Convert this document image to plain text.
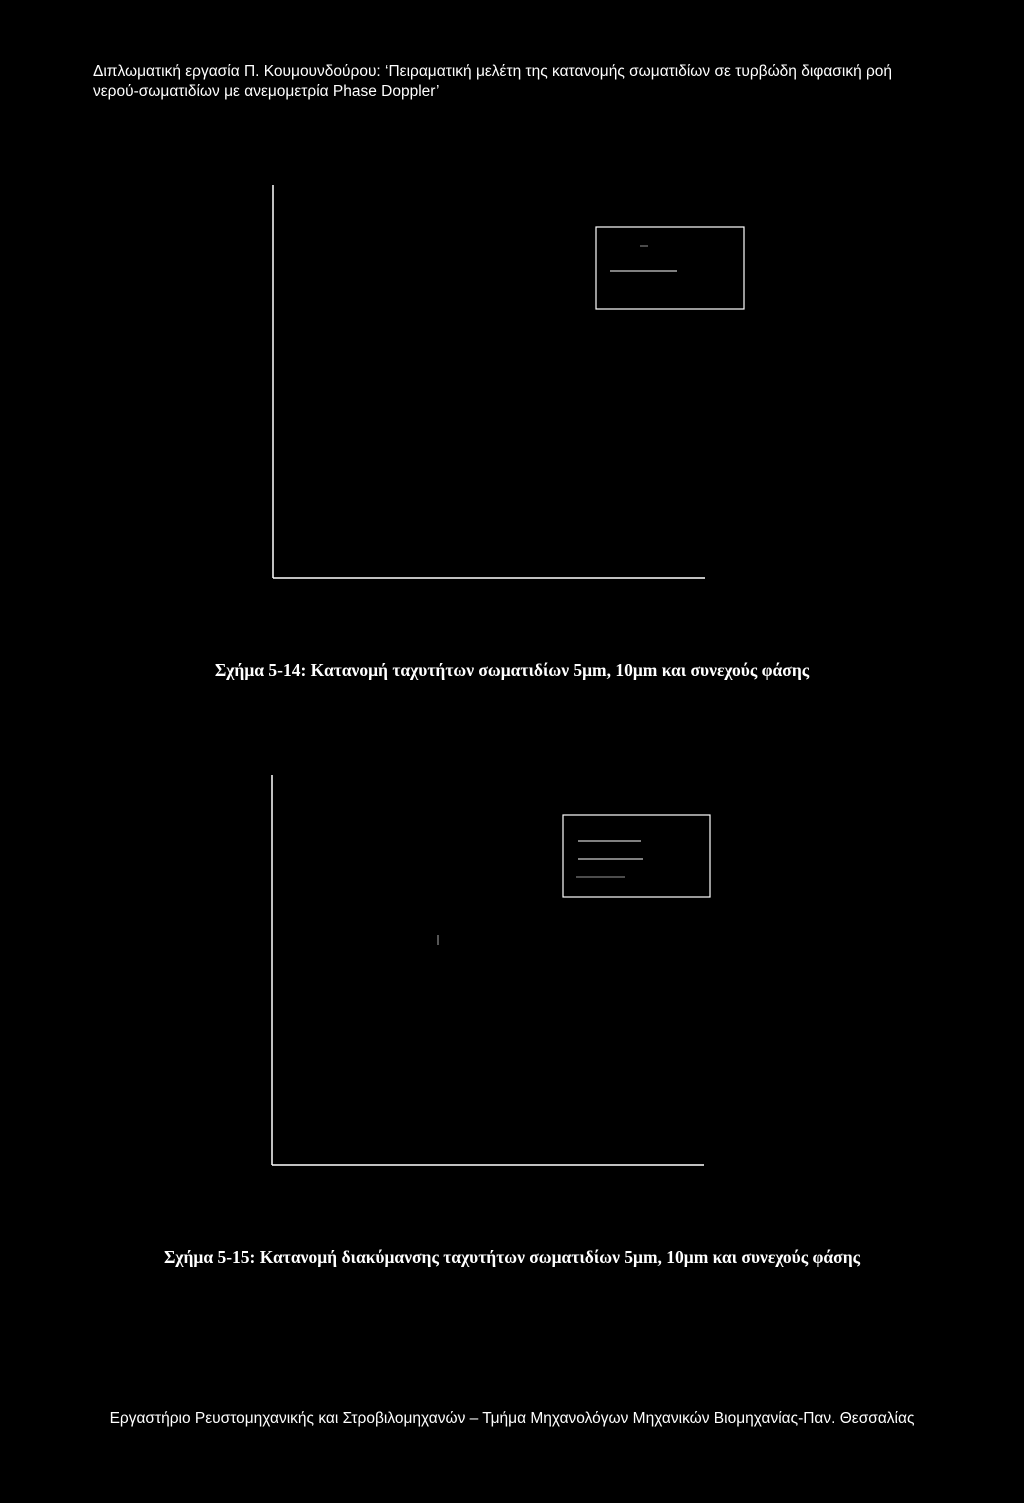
Διπλωματική εργασία Π. Κουμουνδούρου: ‘Πειραματική μελέτη της κατανομής σωματιδίων σε τυρβώδη διφασική ροή
νερού-σωματιδίων με ανεμομετρία Phase Doppler’
Σχήμα 5-14: Κατανομή ταχυτήτων σωματιδίων 5μm, 10μm και συνεχούς φάσης
Σχήμα 5-15: Κατανομή διακύμανσης ταχυτήτων σωματιδίων 5μm, 10μm και συνεχούς φάσης
Εργαστήριο Ρευστομηχανικής και Στροβιλομηχανών – Τμήμα Μηχανολόγων Μηχανικών Βιομηχανίας-Παν. Θεσσαλίας
